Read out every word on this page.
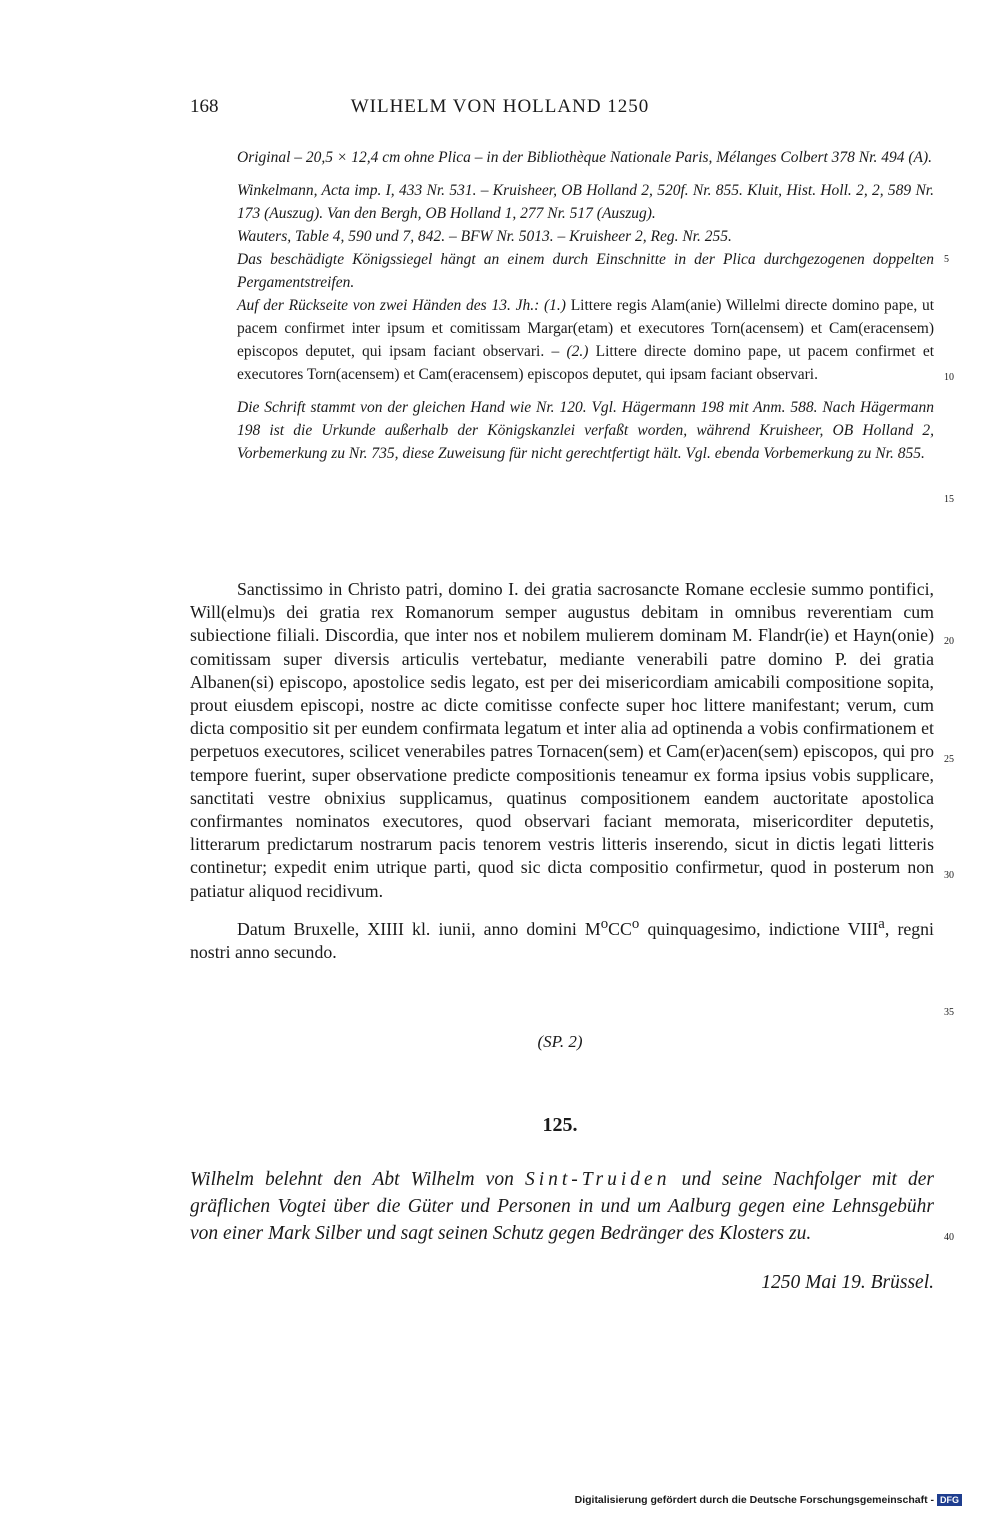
WILHELM VON HOLLAND 1250
168

Original – 20,5 × 12,4 cm ohne Plica – in der Bibliothèque Nationale Paris, Mélanges Colbert 378 Nr. 494 (A).

Winkelmann, Acta imp. I, 433 Nr. 531. – Kruisheer, OB Holland 2, 520f. Nr. 855. Kluit, Hist. Holl. 2, 2, 589 Nr. 173 (Auszug). Van den Bergh, OB Holland 1, 277 Nr. 517 (Auszug).

Wauters, Table 4, 590 und 7, 842. – BFW Nr. 5013. – Kruisheer 2, Reg. Nr. 255.

Das beschädigte Königssiegel hängt an einem durch Einschnitte in der Plica durchgezogenen doppelten Pergamentstreifen.

Auf der Rückseite von zwei Händen des 13. Jh.: (1.) Littere regis Alam(anie) Willelmi directe domino pape, ut pacem confirmet inter ipsum et comitissam Margar(etam) et executores Torn(acensem) et Cam(eracensem) episcopos deputet, qui ipsam faciant observari. – (2.) Littere directe domino pape, ut pacem confirmet et executores Torn(acensem) et Cam(eracensem) episcopos deputet, qui ipsam faciant observari.

Die Schrift stammt von der gleichen Hand wie Nr. 120. Vgl. Hägermann 198 mit Anm. 588. Nach Hägermann 198 ist die Urkunde außerhalb der Königskanzlei verfaßt worden, während Kruisheer, OB Holland 2, Vorbemerkung zu Nr. 735, diese Zuweisung für nicht gerechtfertigt hält. Vgl. ebenda Vorbemerkung zu Nr. 855.

Sanctissimo in Christo patri, domino I. dei gratia sacrosancte Romane ecclesie summo pontifici, Will(elmu)s dei gratia rex Romanorum semper augustus debitam in omnibus reverentiam cum subiectione filiali. Discordia, que inter nos et nobilem mulierem dominam M. Flandr(ie) et Hayn(onie) comitissam super diversis articulis vertebatur, mediante venerabili patre domino P. dei gratia Albanen(si) episcopo, apostolice sedis legato, est per dei misericordiam amicabili compositione sopita, prout eiusdem episcopi, nostre ac dicte comitisse confecte super hoc littere manifestant; verum, cum dicta compositio sit per eundem confirmata legatum et inter alia ad optinenda a vobis confirmationem et perpetuos executores, scilicet venerabiles patres Tornacen(sem) et Cam(er)acen(sem) episcopos, qui pro tempore fuerint, super observatione predicte compositionis teneamur ex forma ipsius vobis supplicare, sanctitati vestre obnixius supplicamus, quatinus compositionem eandem auctoritate apostolica confirmantes nominatos executores, quod observari faciant memorata, misericorditer deputetis, litterarum predictarum nostrarum pacis tenorem vestris litteris inserendo, sicut in dictis legati litteris continetur; expedit enim utrique parti, quod sic dicta compositio confirmetur, quod in posterum non patiatur aliquod recidivum.

Datum Bruxelle, XIIII kl. iunii, anno domini $M^oCC^o$ quinquagesimo, indictione VIII$^a$, regni nostri anno secundo.

(SP. 2)
125.
Wilhelm belehnt den Abt Wilhelm von Sint-Truiden und seine Nachfolger mit der gräflichen Vogtei über die Güter und Personen in und um Aalburg gegen eine Lehnsgebühr von einer Mark Silber und sagt seinen Schutz gegen Bedränger des Klosters zu.
1250 Mai 19. Brüssel.
5
10
15
20
25
30
35
40
Digitalisierung gefördert durch die Deutsche Forschungsgemeinschaft - DFG
